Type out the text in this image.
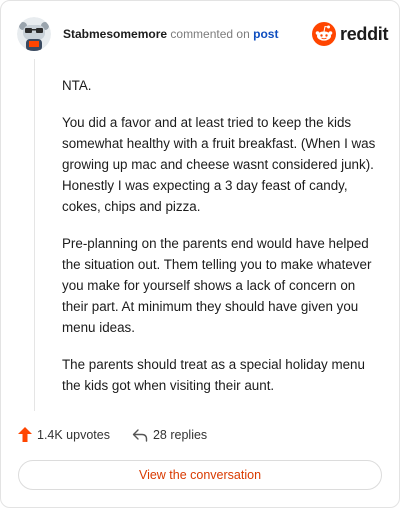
Stabmesomemore commented on post	reddit

NTA.

You did a favor and at least tried to keep the kids somewhat healthy with a fruit breakfast. (When I was growing up mac and cheese wasnt considered junk). Honestly I was expecting a 3 day feast of candy, cokes, chips and pizza.

Pre-planning on the parents end would have helped the situation out. Them telling you to make whatever you make for yourself shows a lack of concern on their part. At minimum they should have given you menu ideas.

The parents should treat as a special holiday menu the kids got when visiting their aunt.

1.4K upvotes	28 replies
View the conversation
